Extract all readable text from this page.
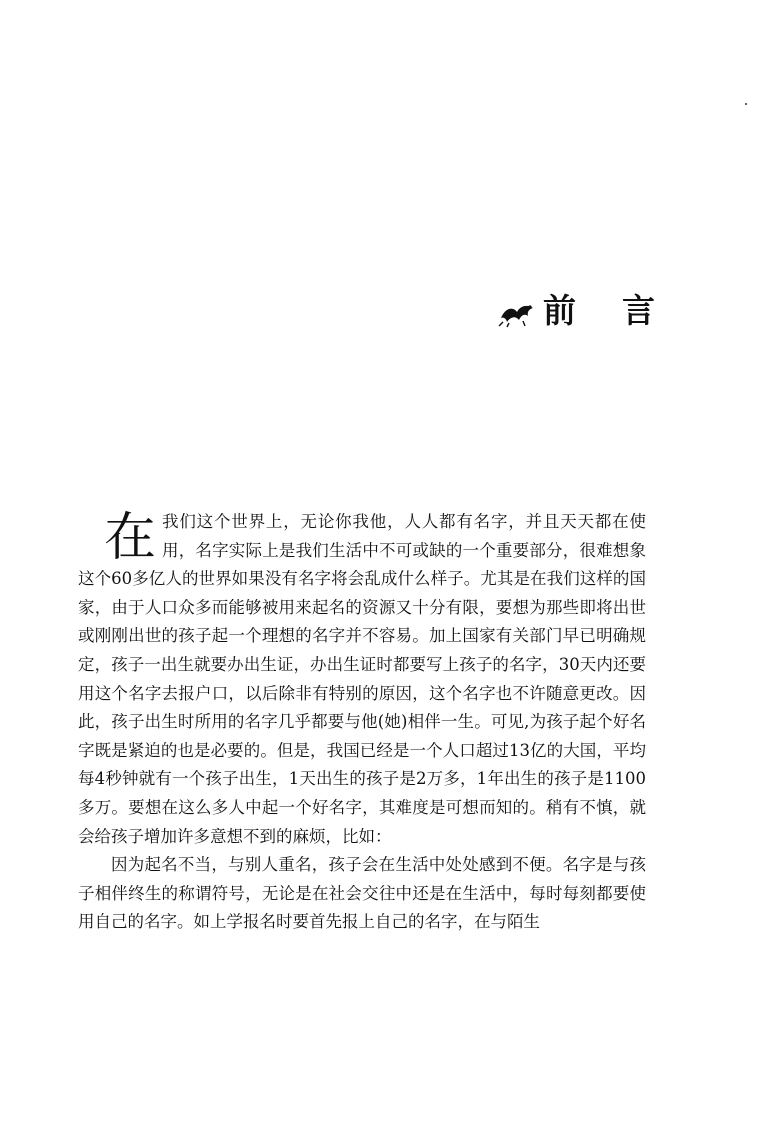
前 言

在我们这个世界上，无论你我他，人人都有名字，并且天天都在使用，名字实际上是我们生活中不可或缺的一个重要部分，很难想象这个60多亿人的世界如果没有名字将会乱成什么样子。尤其是在我们这样的国家，由于人口众多而能够被用来起名的资源又十分有限，要想为那些即将出世或刚刚出世的孩子起一个理想的名字并不容易。加上国家有关部门早已明确规定，孩子一出生就要办出生证，办出生证时都要写上孩子的名字，30天内还要用这个名字去报户口，以后除非有特别的原因，这个名字也不许随意更改。因此，孩子出生时所用的名字几乎都要与他(她)相伴一生。可见,为孩子起个好名字既是紧迫的也是必要的。但是，我国已经是一个人口超过13亿的大国，平均每4秒钟就有一个孩子出生，1天出生的孩子是2万多，1年出生的孩子是1100多万。要想在这么多人中起一个好名字，其难度是可想而知的。稍有不慎，就会给孩子增加许多意想不到的麻烦，比如：

因为起名不当，与别人重名，孩子会在生活中处处感到不便。名字是与孩子相伴终生的称谓符号，无论是在社会交往中还是在生活中，每时每刻都要使用自己的名字。如上学报名时要首先报上自己的名字，在与陌生
